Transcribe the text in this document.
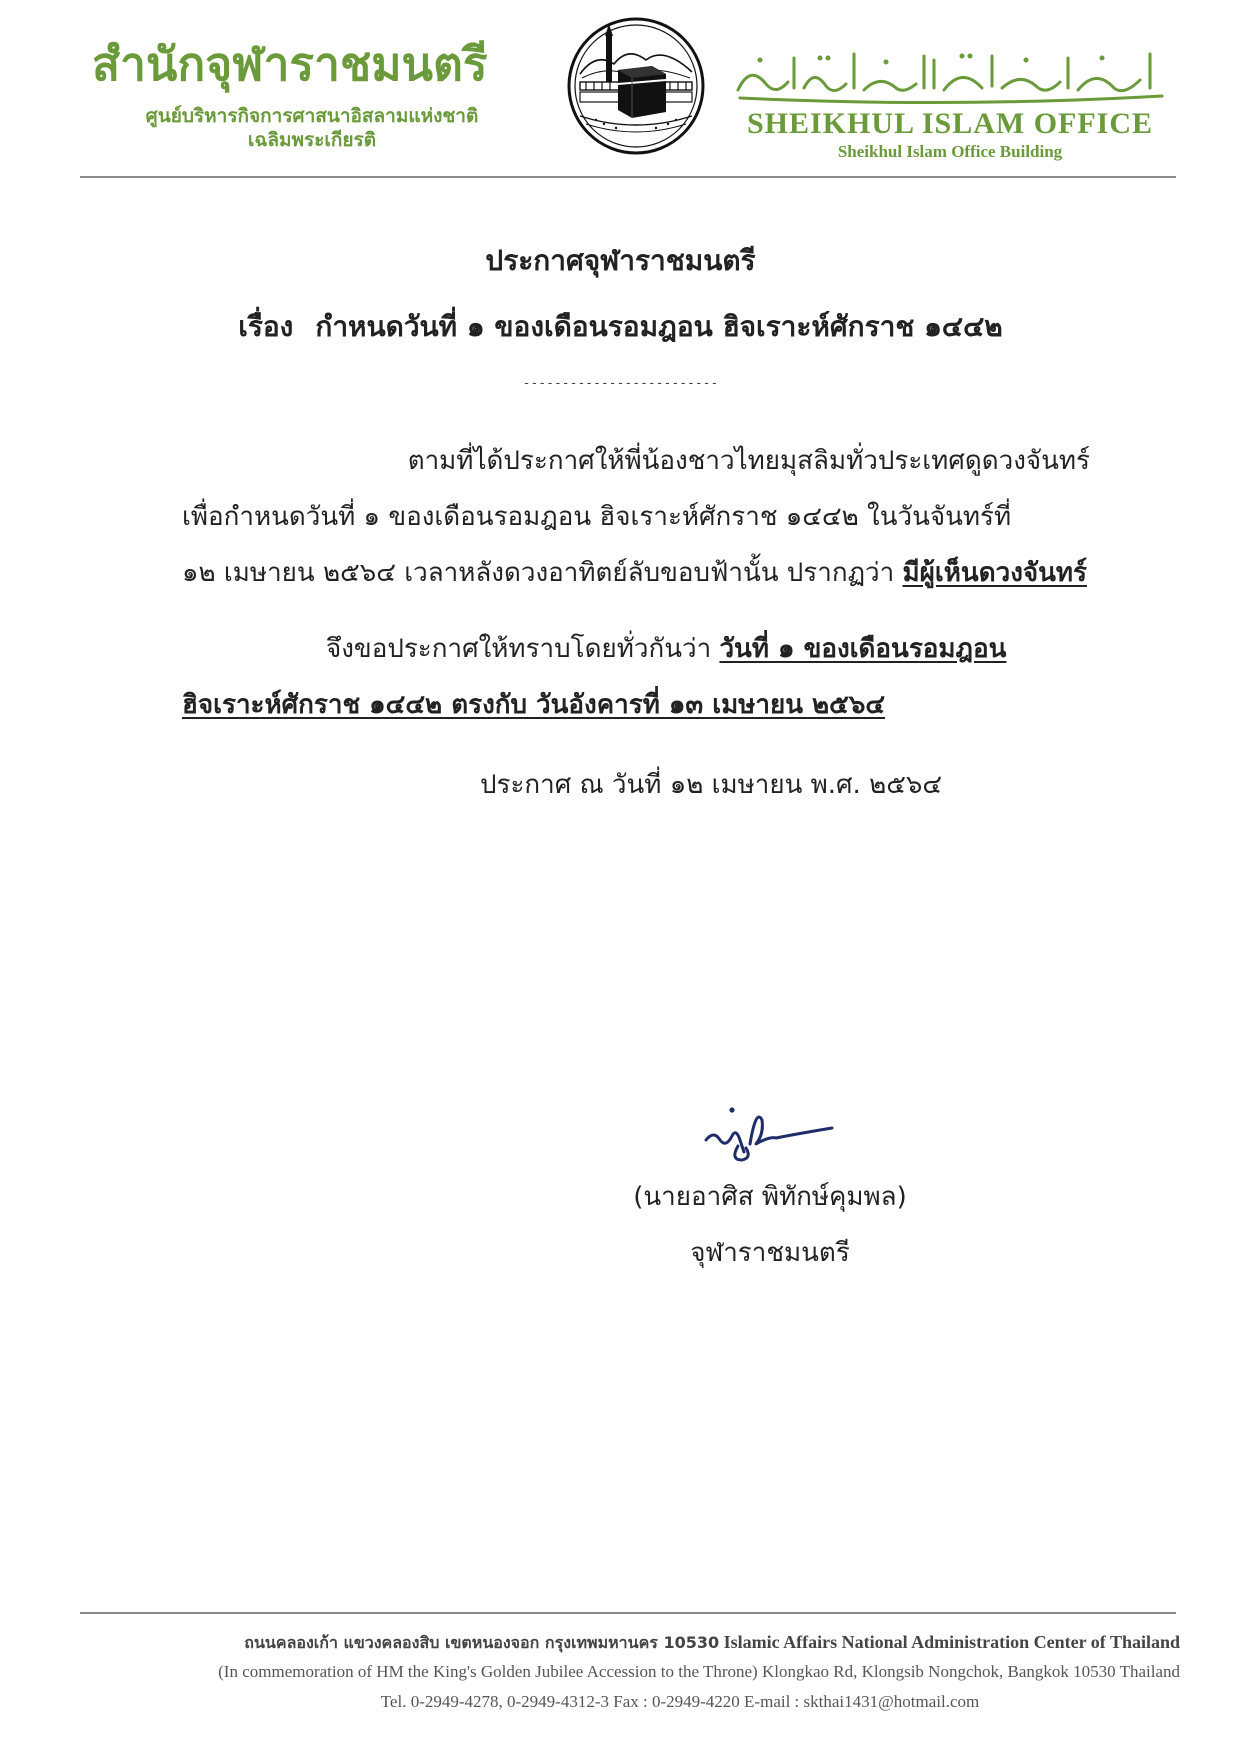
สำนักจุฬาราชมนตรี
ศูนย์บริหารกิจการศาสนาอิสลามแห่งชาติ
เฉลิมพระเกียรติ	SHEIKHUL ISLAM OFFICE
Sheikhul Islam Office Building
ประกาศจุฬาราชมนตรี
เรื่อง กำหนดวันที่ ๑ ของเดือนรอมฎอน ฮิจเราะห์ศักราช ๑๔๔๒
-------------------------
ตามที่ได้ประกาศให้พี่น้องชาวไทยมุสลิมทั่วประเทศดูดวงจันทร์
เพื่อกำหนดวันที่ ๑ ของเดือนรอมฎอน ฮิจเราะห์ศักราช ๑๔๔๒ ในวันจันทร์ที่
๑๒ เมษายน ๒๕๖๔ เวลาหลังดวงอาทิตย์ลับขอบฟ้านั้น ปรากฏว่า มีผู้เห็นดวงจันทร์
จึงขอประกาศให้ทราบโดยทั่วกันว่า วันที่ ๑ ของเดือนรอมฎอน
ฮิจเราะห์ศักราช ๑๔๔๒ ตรงกับ วันอังคารที่ ๑๓ เมษายน ๒๕๖๔
ประกาศ ณ วันที่ ๑๒ เมษายน พ.ศ. ๒๕๖๔
(นายอาศิส พิทักษ์คุมพล)
จุฬาราชมนตรี
ถนนคลองเก้า แขวงคลองสิบ เขตหนองจอก กรุงเทพมหานคร 10530 Islamic Affairs National Administration Center of Thailand
(In commemoration of HM the King's Golden Jubilee Accession to the Throne) Klongkao Rd, Klongsib Nongchok, Bangkok 10530 Thailand
Tel. 0-2949-4278, 0-2949-4312-3 Fax : 0-2949-4220 E-mail : skthai1431@hotmail.com
